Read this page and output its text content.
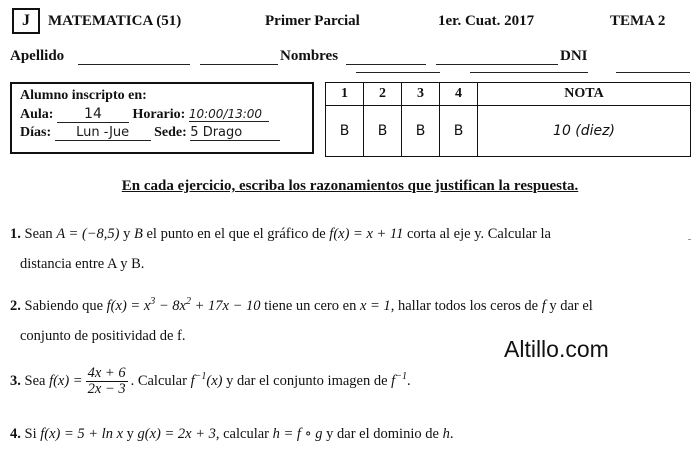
J	MATEMATICA (51)	Primer Parcial	1er. Cuat. 2017	TEMA 2
Apellido	Nombres	DNI
Alumno inscripto en:
Aula: 14 Horario: 10:00/13:00
Días: Lun -Jue Sede: 5 Drago
1	2	3	4	NOTA
B	B	B	B	10 (diez)
En cada ejercicio, escriba los razonamientos que justifican la respuesta.
1. Sean A = (−8,5) y B el punto en el que el gráfico de f(x) = x + 11 corta al eje y. Calcular la
distancia entre A y B.
2. Sabiendo que $f(x) = x^3 - 8x^2 + 17x - 10$ tiene un cero en x = 1, hallar todos los ceros de f y dar el
conjunto de positividad de f.	Altillo.com
3. Sea $f(x) = \frac{4x + 6}{2x - 3}$ . Calcular $f^{-1}(x)$ y dar el conjunto imagen de $f^{-1}$.
4. Si f(x) = 5 + ln x y g(x) = 2x + 3, calcular h = f ∘ g y dar el dominio de h.
